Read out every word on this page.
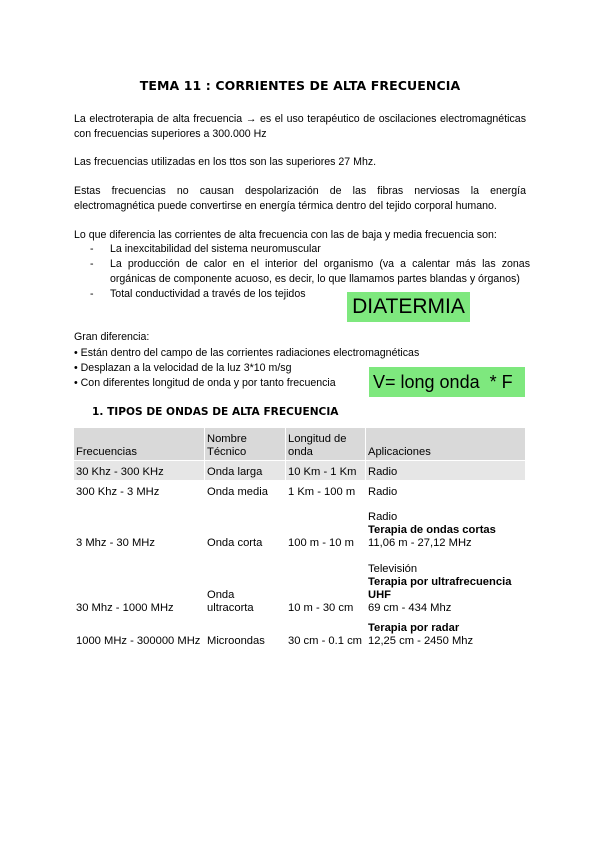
TEMA 11 : CORRIENTES DE ALTA FRECUENCIA
La electroterapia de alta frecuencia → es el uso terapéutico de oscilaciones electromagnéticas con frecuencias superiores a 300.000 Hz
Las frecuencias utilizadas en los ttos son las superiores 27 Mhz.
Estas frecuencias no causan despolarización de las fibras nerviosas la energía electromagnética puede convertirse en energía térmica dentro del tejido corporal humano.
Lo que diferencia las corrientes de alta frecuencia con las de baja y media frecuencia son:
- La inexcitabilidad del sistema neuromuscular
- La producción de calor en el interior del organismo (va a calentar más las zonas orgánicas de componente acuoso, es decir, lo que llamamos partes blandas y órganos)
- Total conductividad a través de los tejidos
DIATERMIA
Gran diferencia:
• Están dentro del campo de las corrientes radiaciones electromagnéticas
• Desplazan a la velocidad de la luz 3*10 m/sg
• Con diferentes longitud de onda y por tanto frecuencia	V= long onda  * F
1. TIPOS DE ONDAS DE ALTA FRECUENCIA
Frecuencias	Nombre Técnico	Longitud de onda	Aplicaciones
30 Khz - 300 KHz	Onda larga	10 Km - 1 Km	Radio
300 Khz - 3 MHz	Onda media	1 Km - 100 m	Radio
3 Mhz - 30 MHz	Onda corta	100 m - 10 m	Radio
Terapia de ondas cortas
11,06 m - 27,12 MHz

30 Mhz - 1000 MHz	Onda ultracorta	10 m - 30 cm	Televisión
Terapia por ultrafrecuencia UHF
69 cm - 434 Mhz

1000 MHz - 300000 MHz	Microondas	30 cm - 0.1 cm	Terapia por radar
12,25 cm - 2450 Mhz
